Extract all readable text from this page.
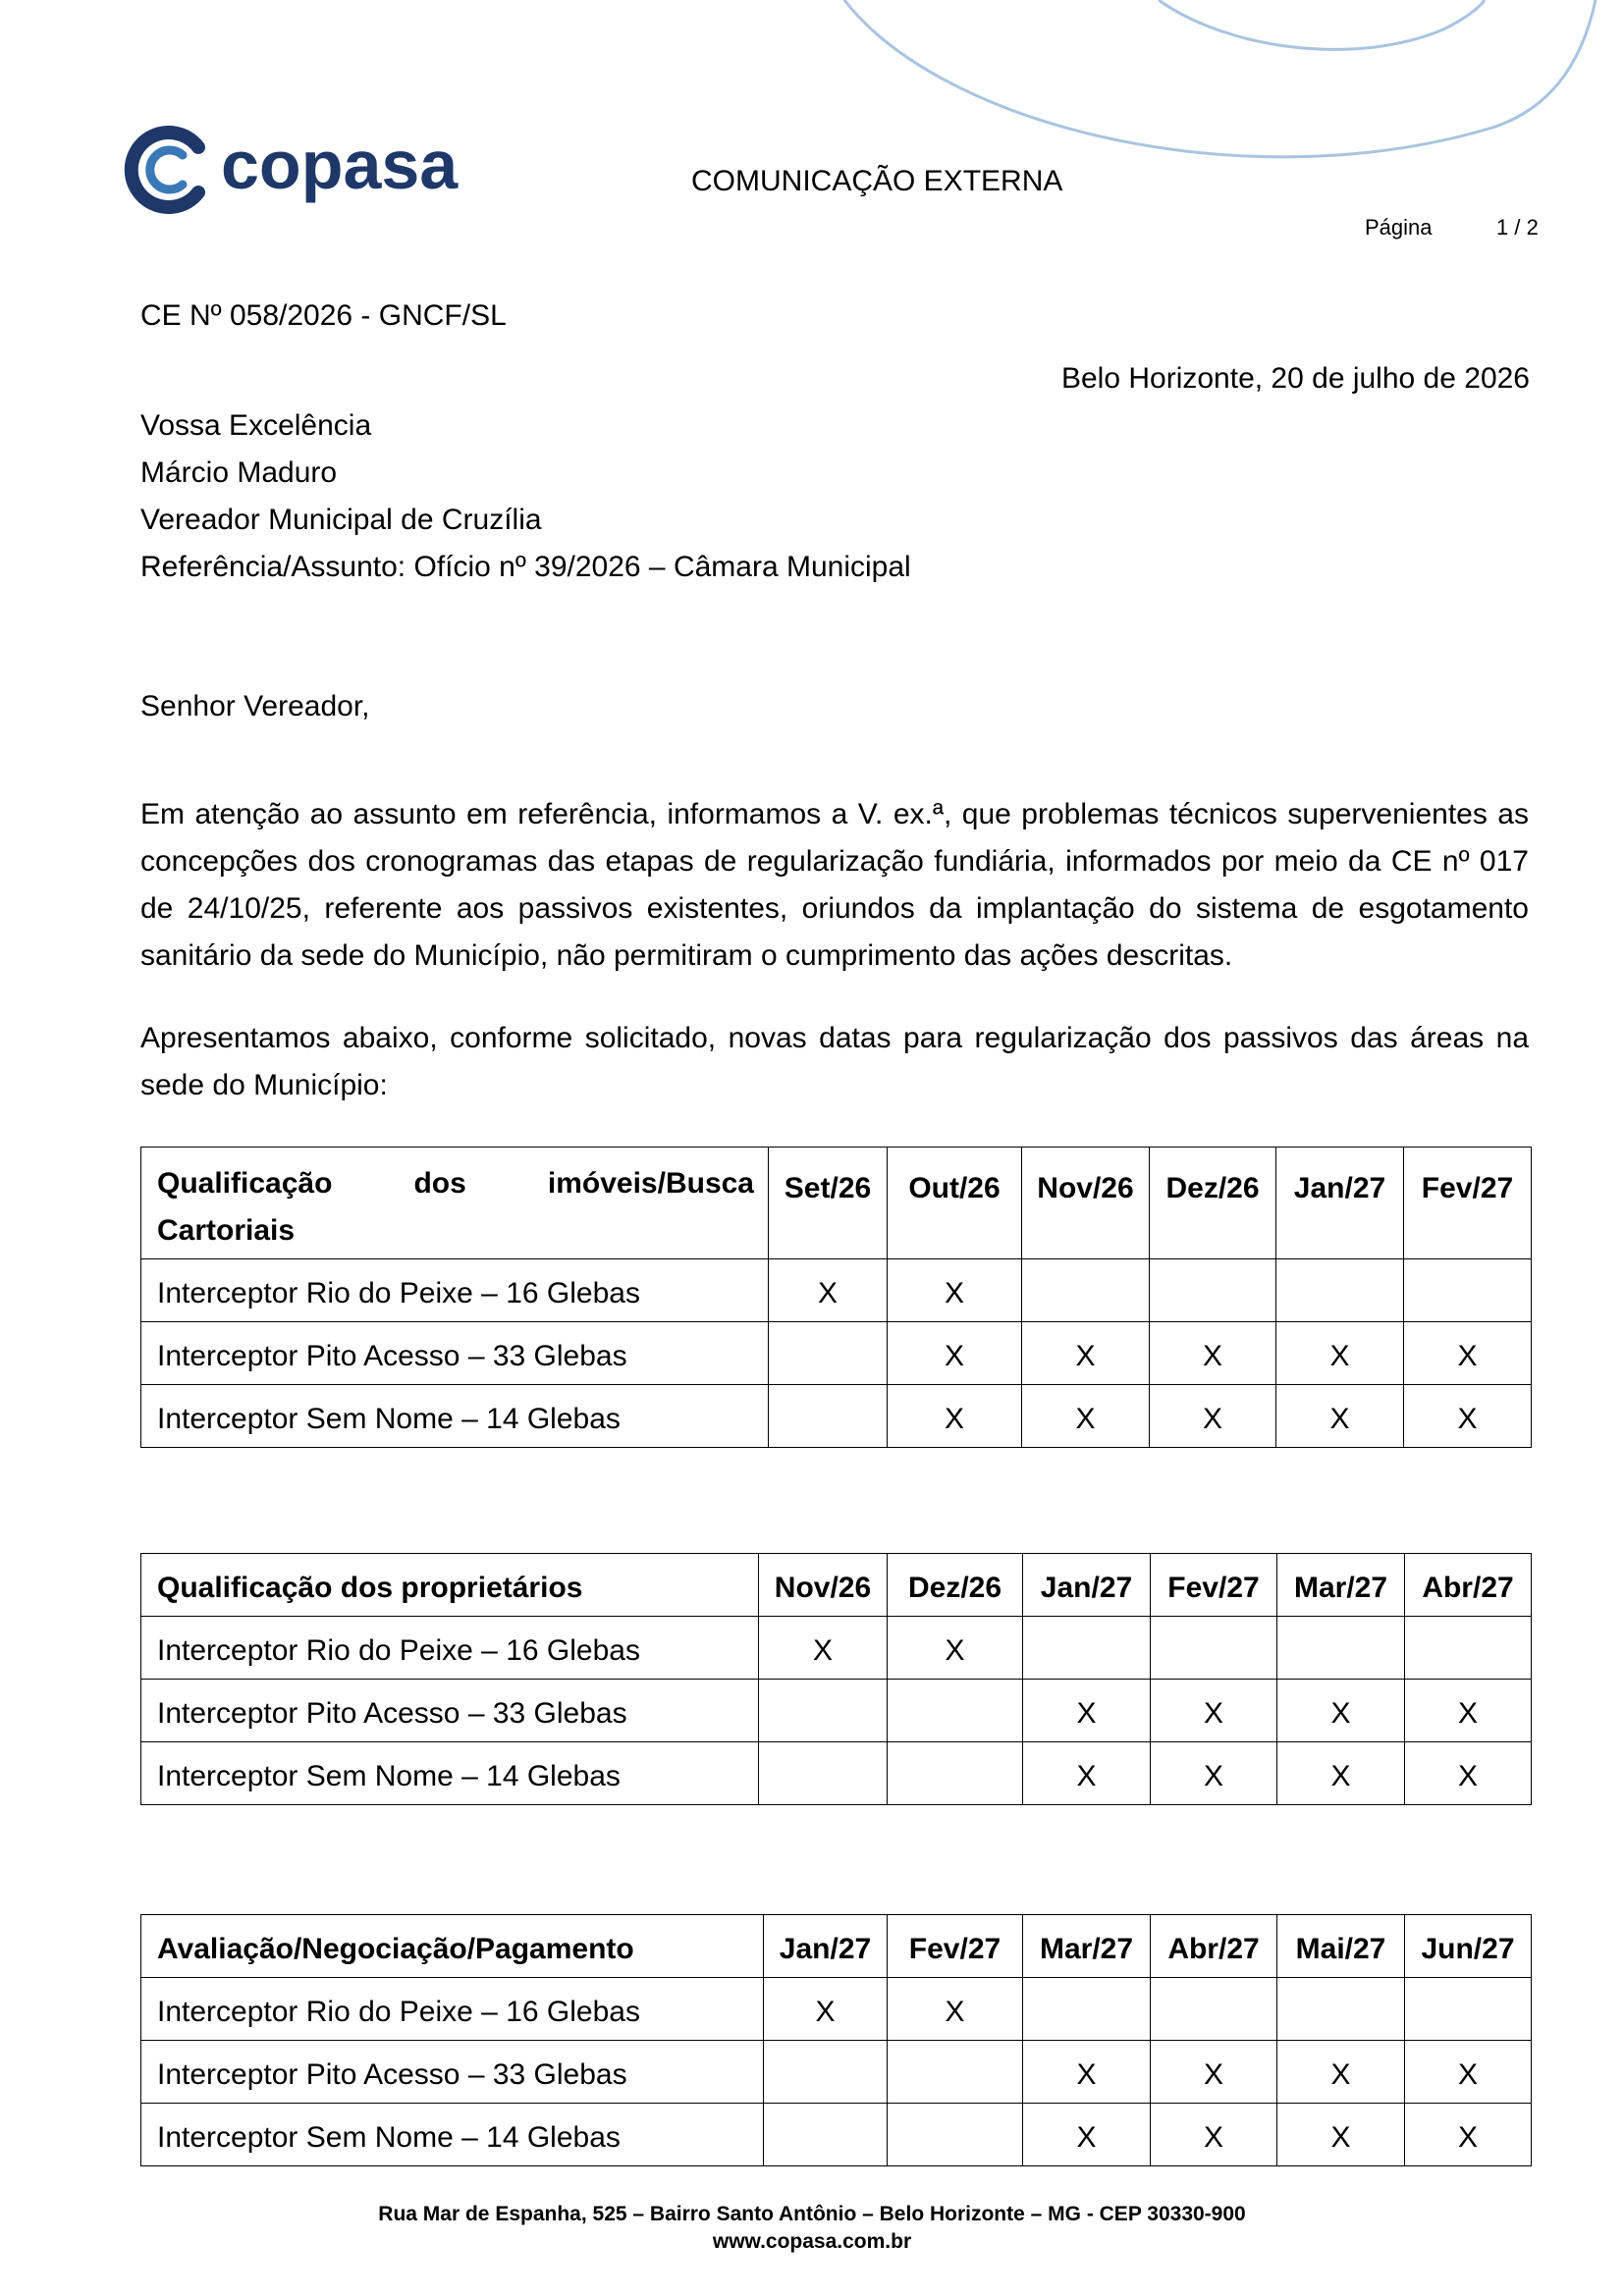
copasa	COMUNICAÇÃO EXTERNA
Página	1 / 2
CE Nº 058/2026 - GNCF/SL
Belo Horizonte, 20 de julho de 2026
Vossa Excelência
Márcio Maduro
Vereador Municipal de Cruzília
Referência/Assunto: Ofício nº 39/2026 – Câmara Municipal
Senhor Vereador,
Em atenção ao assunto em referência, informamos a V. ex.ª, que problemas técnicos supervenientes as
concepções dos cronogramas das etapas de regularização fundiária, informados por meio da CE nº 017
de 24/10/25, referente aos passivos existentes, oriundos da implantação do sistema de esgotamento
sanitário da sede do Município, não permitiram o cumprimento das ações descritas.
Apresentamos abaixo, conforme solicitado, novas datas para regularização dos passivos das áreas na
sede do Município:
Qualificação dos imóveis/Busca
Cartoriais	Set/26	Out/26	Nov/26	Dez/26	Jan/27	Fev/27
Interceptor Rio do Peixe – 16 Glebas	X	X				
Interceptor Pito Acesso – 33 Glebas		X	X	X	X	X
Interceptor Sem Nome – 14 Glebas		X	X	X	X	X
Qualificação dos proprietários	Nov/26	Dez/26	Jan/27	Fev/27	Mar/27	Abr/27
Interceptor Rio do Peixe – 16 Glebas	X	X				
Interceptor Pito Acesso – 33 Glebas			X	X	X	X
Interceptor Sem Nome – 14 Glebas			X	X	X	X
Avaliação/Negociação/Pagamento	Jan/27	Fev/27	Mar/27	Abr/27	Mai/27	Jun/27
Interceptor Rio do Peixe – 16 Glebas	X	X				
Interceptor Pito Acesso – 33 Glebas			X	X	X	X
Interceptor Sem Nome – 14 Glebas			X	X	X	X
Rua Mar de Espanha, 525 – Bairro Santo Antônio – Belo Horizonte – MG - CEP 30330-900
www.copasa.com.br
